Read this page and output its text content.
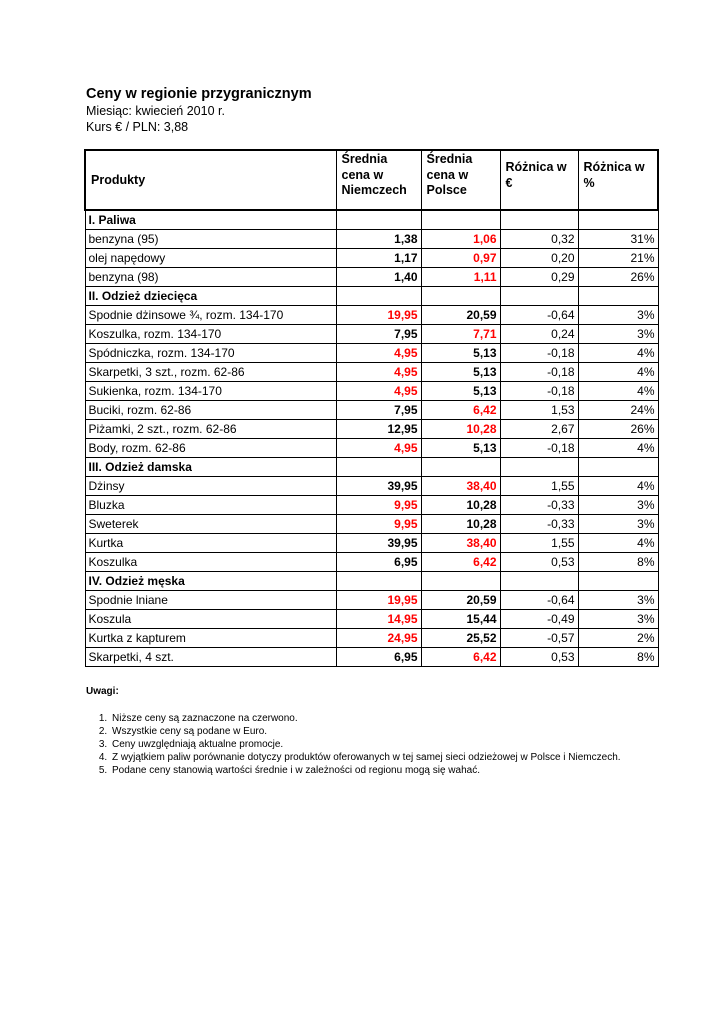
Ceny w regionie przygranicznym
Miesiąc: kwiecień 2010 r.
Kurs € / PLN: 3,88
Produkty	Średnia cena w Niemczech	Średnia cena w Polsce	Różnica w €	Różnica w %
I. Paliwa				
benzyna (95)	1,38	1,06	0,32	31%
olej napędowy	1,17	0,97	0,20	21%
benzyna (98)	1,40	1,11	0,29	26%
II. Odzież dziecięca				
Spodnie dżinsowe ¾, rozm. 134-170	19,95	20,59	-0,64	3%
Koszulka, rozm. 134-170	7,95	7,71	0,24	3%
Spódniczka, rozm. 134-170	4,95	5,13	-0,18	4%
Skarpetki, 3 szt., rozm. 62-86	4,95	5,13	-0,18	4%
Sukienka, rozm. 134-170	4,95	5,13	-0,18	4%
Buciki, rozm. 62-86	7,95	6,42	1,53	24%
Piżamki, 2 szt., rozm. 62-86	12,95	10,28	2,67	26%
Body, rozm. 62-86	4,95	5,13	-0,18	4%
III. Odzież damska				
Dżinsy	39,95	38,40	1,55	4%
Bluzka	9,95	10,28	-0,33	3%
Sweterek	9,95	10,28	-0,33	3%
Kurtka	39,95	38,40	1,55	4%
Koszulka	6,95	6,42	0,53	8%
IV. Odzież męska				
Spodnie lniane	19,95	20,59	-0,64	3%
Koszula	14,95	15,44	-0,49	3%
Kurtka z kapturem	24,95	25,52	-0,57	2%
Skarpetki, 4 szt.	6,95	6,42	0,53	8%
Uwagi:
1. Niższe ceny są zaznaczone na czerwono.
2. Wszystkie ceny są podane w Euro.
3. Ceny uwzględniają aktualne promocje.
4. Z wyjątkiem paliw porównanie dotyczy produktów oferowanych w tej samej sieci odzieżowej w Polsce i Niemczech.
5. Podane ceny stanowią wartości średnie i w zależności od regionu mogą się wahać.
